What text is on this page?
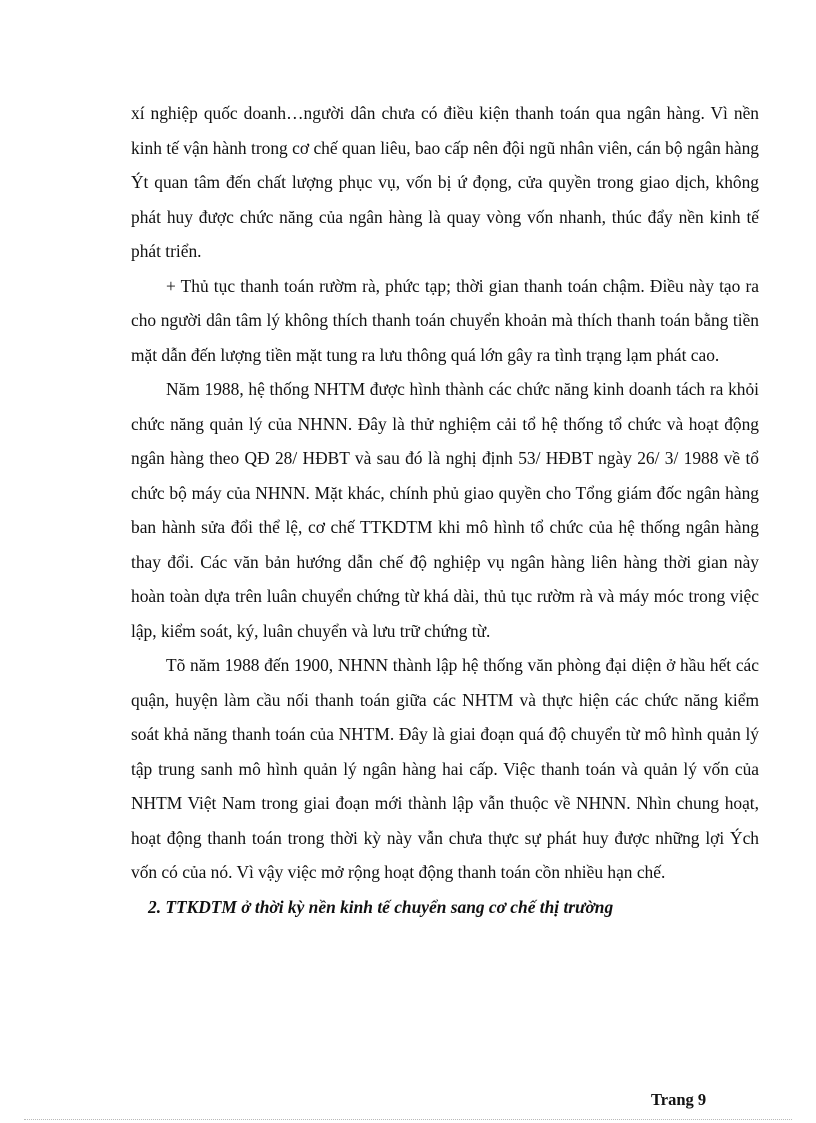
xí nghiệp quốc doanh…người dân chưa có điều kiện thanh toán qua ngân hàng. Vì nền kinh tế vận hành trong cơ chế quan liêu, bao cấp nên đội ngũ nhân viên, cán bộ ngân hàng Ýt quan tâm đến chất lượng phục vụ, vốn bị ứ đọng, cửa quyền trong giao dịch, không phát huy được chức năng của ngân hàng là quay vòng vốn nhanh, thúc đẩy nền kinh tế phát triển.

+ Thủ tục thanh toán rườm rà, phức tạp; thời gian thanh toán chậm. Điều này tạo ra cho người dân tâm lý không thích thanh toán chuyển khoản mà thích thanh toán bằng tiền mặt dẫn đến lượng tiền mặt tung ra lưu thông quá lớn gây ra tình trạng lạm phát cao.

Năm 1988, hệ thống NHTM được hình thành các chức năng kinh doanh tách ra khỏi chức năng quản lý của NHNN. Đây là thử nghiệm cải tổ hệ thống tổ chức và hoạt động ngân hàng theo QĐ 28/ HĐBT và sau đó là nghị định 53/ HĐBT ngày 26/ 3/ 1988 về tổ chức bộ máy của NHNN. Mặt khác, chính phủ giao quyền cho Tổng giám đốc ngân hàng ban hành sửa đổi thể lệ, cơ chế TTKDTM khi mô hình tổ chức của hệ thống ngân hàng thay đổi. Các văn bản hướng dẫn chế độ nghiệp vụ ngân hàng liên hàng thời gian này hoàn toàn dựa trên luân chuyển chứng từ khá dài, thủ tục rườm rà và máy móc trong việc lập, kiểm soát, ký, luân chuyển và lưu trữ chứng từ.

Tõ năm 1988 đến 1900, NHNN thành lập hệ thống văn phòng đại diện ở hầu hết các quận, huyện làm cầu nối thanh toán giữa các NHTM và thực hiện các chức năng kiểm soát khả năng thanh toán của NHTM. Đây là giai đoạn quá độ chuyển từ mô hình quản lý tập trung sanh mô hình quản lý ngân hàng hai cấp. Việc thanh toán và quản lý vốn của NHTM Việt Nam trong giai đoạn mới thành lập vẫn thuộc về NHNN. Nhìn chung hoạt, hoạt động thanh toán trong thời kỳ này vẫn chưa thực sự phát huy được những lợi Ých vốn có của nó. Vì vậy việc mở rộng hoạt động thanh toán cồn nhiều hạn chế.

2. TTKDTM ở thời kỳ nền kinh tế chuyển sang cơ chế thị trường

Trang 9
